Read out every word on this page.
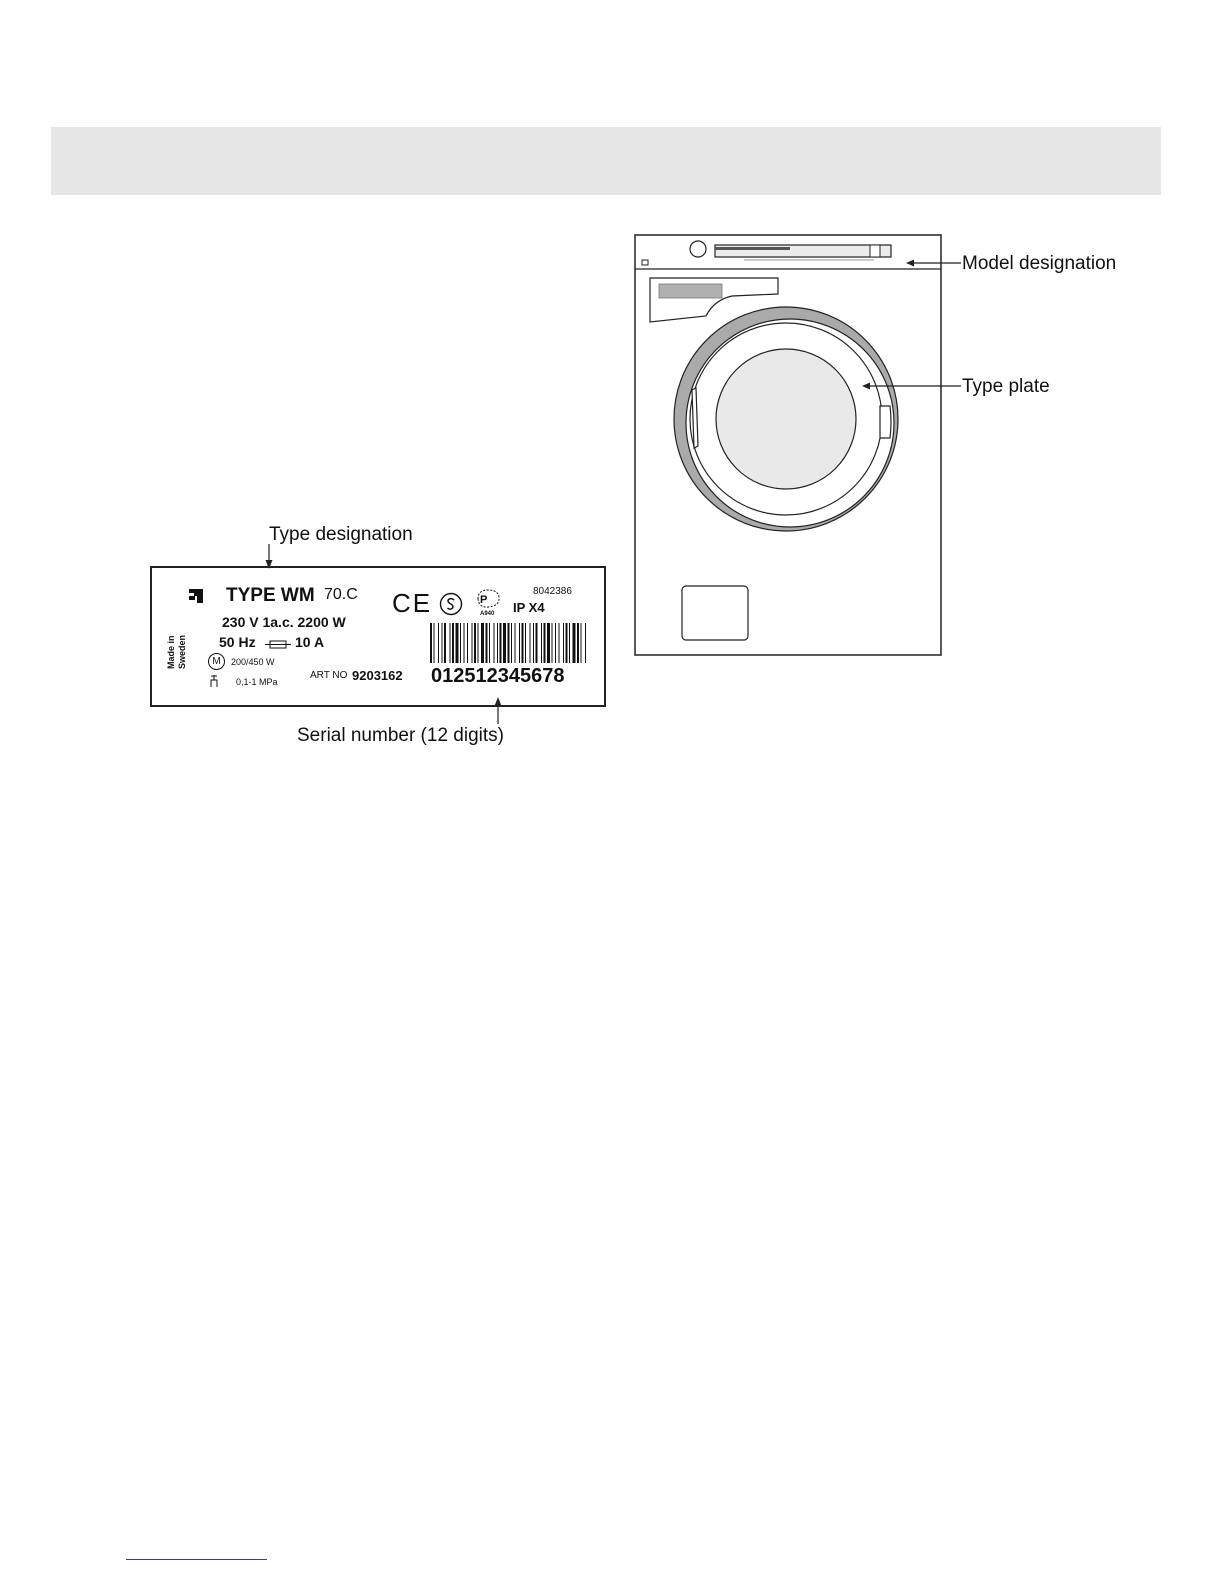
Model designation
Type plate
Type designation
Serial number (12 digits)
TYPE WM 70.C
230 V 1a.c. 2200 W
50 Hz	10 A
Made in Sweden	M	200/450 W
0,1-1 MPa
ART NO 9203162
CE	P
A940
8042386
IP X4
012512345678
